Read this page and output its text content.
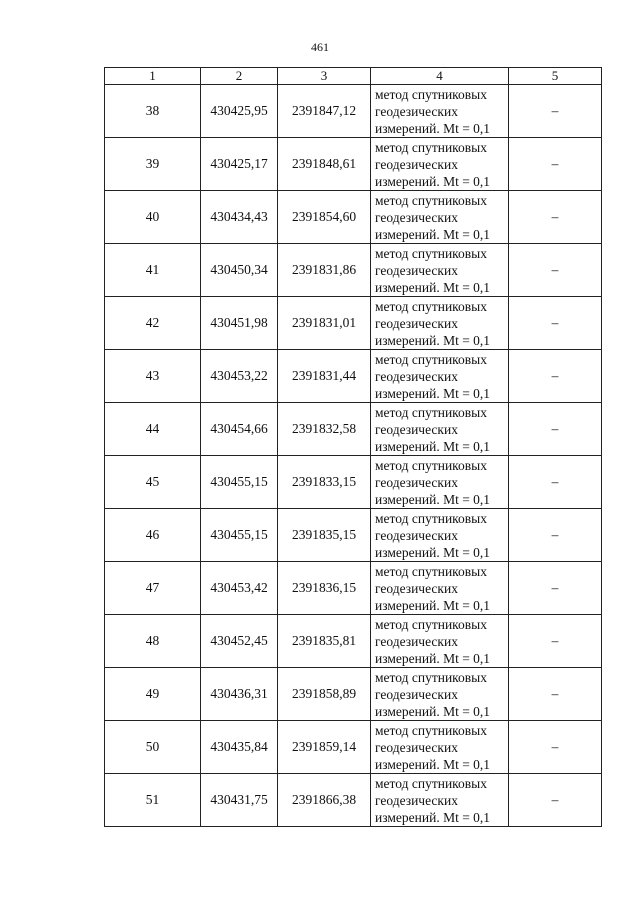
461
1	2	3	4	5
38	430425,95	2391847,12	метод спутниковых
геодезических
измерений. Mt = 0,1	–
39	430425,17	2391848,61	метод спутниковых
геодезических
измерений. Mt = 0,1	–
40	430434,43	2391854,60	метод спутниковых
геодезических
измерений. Mt = 0,1	–
41	430450,34	2391831,86	метод спутниковых
геодезических
измерений. Mt = 0,1	–
42	430451,98	2391831,01	метод спутниковых
геодезических
измерений. Mt = 0,1	–
43	430453,22	2391831,44	метод спутниковых
геодезических
измерений. Mt = 0,1	–
44	430454,66	2391832,58	метод спутниковых
геодезических
измерений. Mt = 0,1	–
45	430455,15	2391833,15	метод спутниковых
геодезических
измерений. Mt = 0,1	–
46	430455,15	2391835,15	метод спутниковых
геодезических
измерений. Mt = 0,1	–
47	430453,42	2391836,15	метод спутниковых
геодезических
измерений. Mt = 0,1	–
48	430452,45	2391835,81	метод спутниковых
геодезических
измерений. Mt = 0,1	–
49	430436,31	2391858,89	метод спутниковых
геодезических
измерений. Mt = 0,1	–
50	430435,84	2391859,14	метод спутниковых
геодезических
измерений. Mt = 0,1	–
51	430431,75	2391866,38	метод спутниковых
геодезических
измерений. Mt = 0,1	–
